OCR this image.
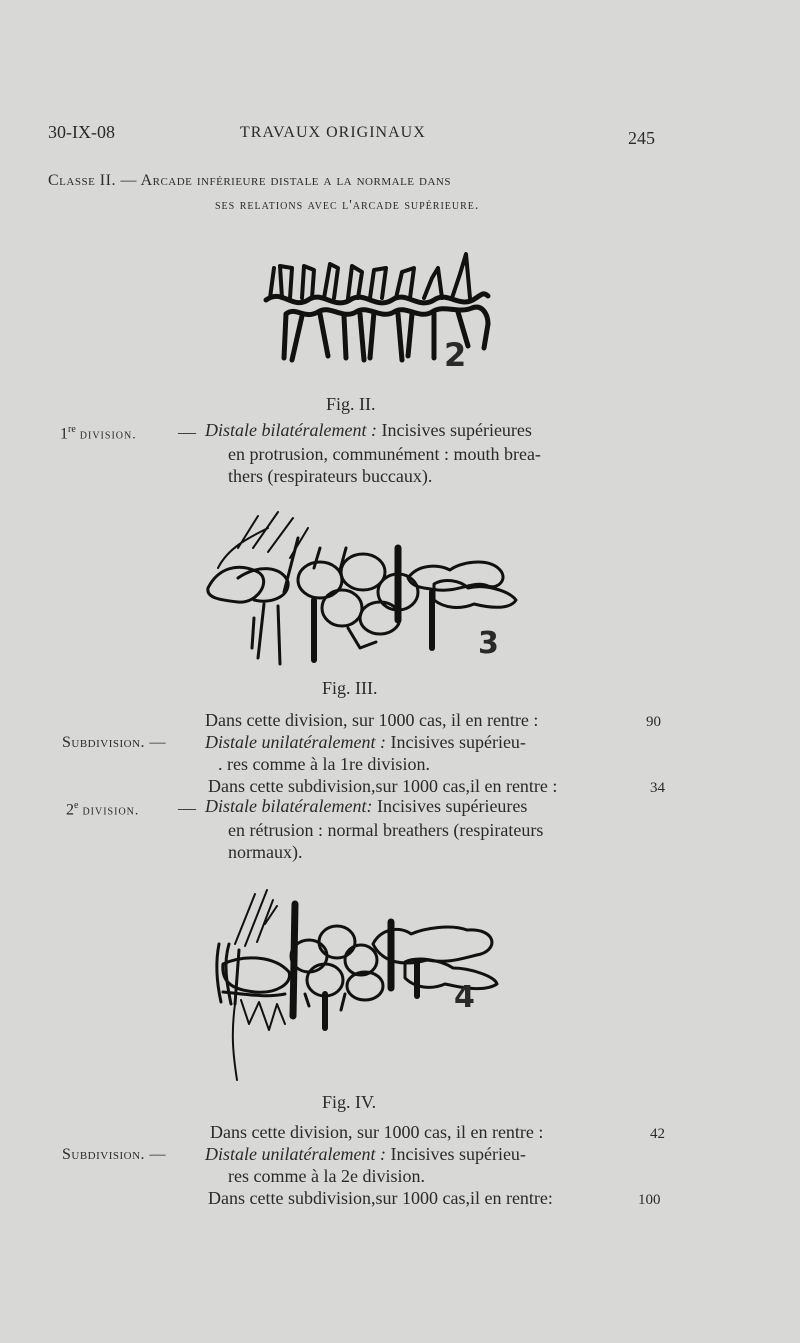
30-IX-08	TRAVAUX ORIGINAUX	245
Classe II. — Arcade inférieure distale a la normale dans
ses relations avec l'arcade supérieure.
2
Fig. II.
1re division. — Distale bilatéralement : Incisives supérieures
en protrusion, communément : mouth brea-
thers (respirateurs buccaux).
3
Fig. III.
Dans cette division, sur 1000 cas, il en rentre :	90
Subdivision. — Distale unilatéralement : Incisives supérieu-
. res comme à la 1re division.
Dans cette subdivision,sur 1000 cas,il en rentre :	34
2e division. — Distale bilatéralement: Incisives supérieures
en rétrusion : normal breathers (respirateurs
normaux).
4
Fig. IV.
Dans cette division, sur 1000 cas, il en rentre :	42
Subdivision. — Distale unilatéralement : Incisives supérieu-
res comme à la 2e division.
Dans cette subdivision,sur 1000 cas,il en rentre:	100
